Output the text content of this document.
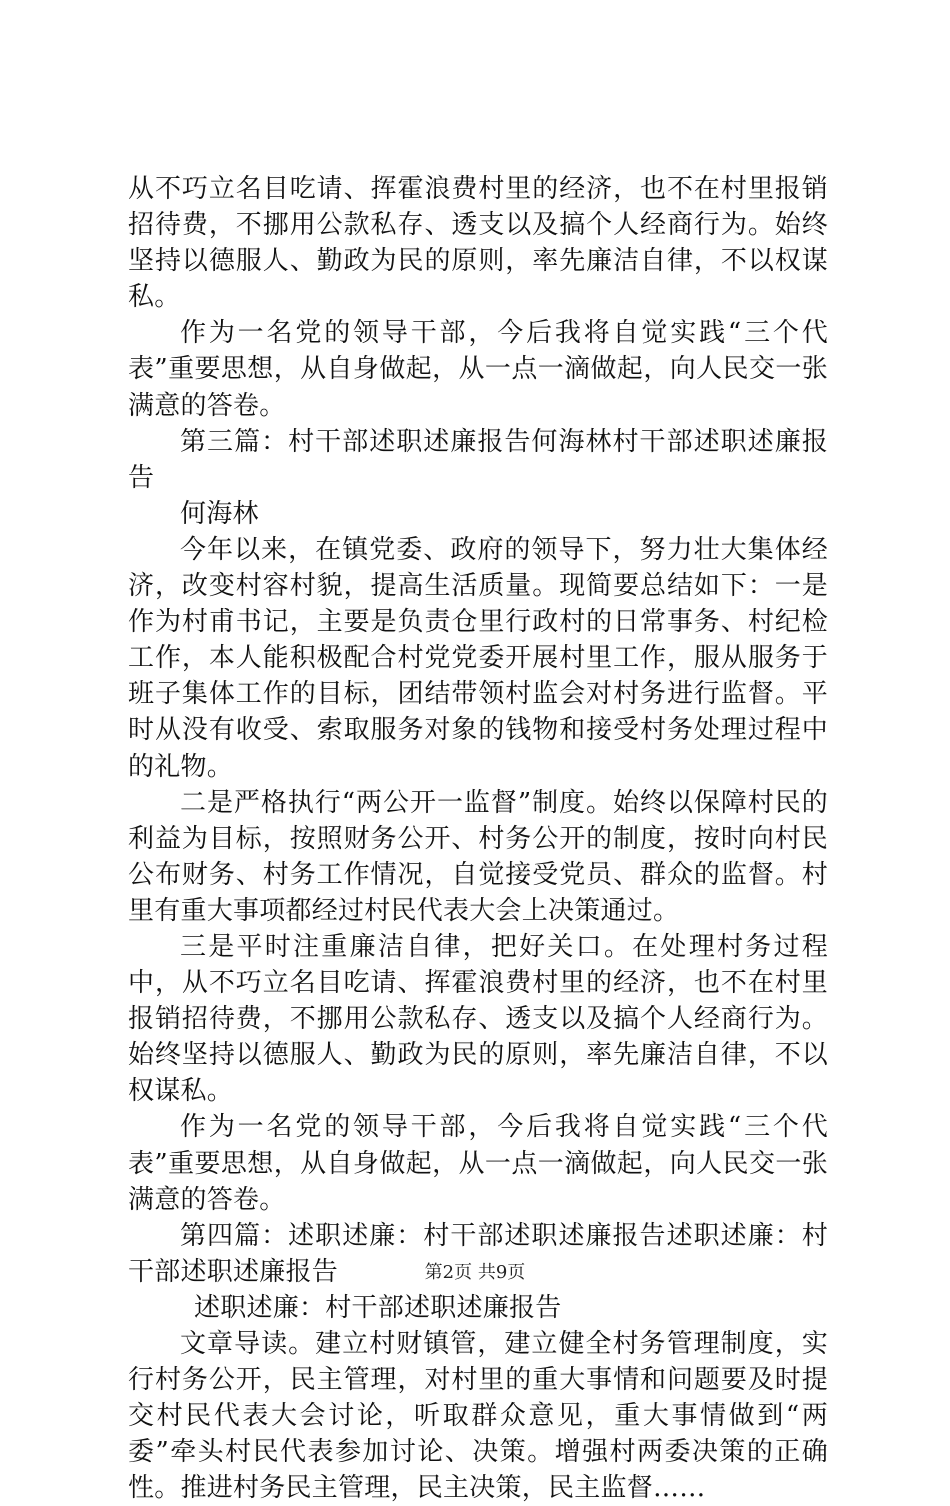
从不巧立名目吃请、挥霍浪费村里的经济，也不在村里报销招待费，不挪用公款私存、透支以及搞个人经商行为。始终坚持以德服人、勤政为民的原则，率先廉洁自律，不以权谋私。

作为一名党的领导干部，今后我将自觉实践“三个代表”重要思想，从自身做起，从一点一滴做起，向人民交一张满意的答卷。

第三篇：村干部述职述廉报告何海林村干部述职述廉报告

何海林

今年以来，在镇党委、政府的领导下，努力壮大集体经济，改变村容村貌，提高生活质量。现简要总结如下：一是作为村甫书记，主要是负责仓里行政村的日常事务、村纪检工作，本人能积极配合村党党委开展村里工作，服从服务于班子集体工作的目标，团结带领村监会对村务进行监督。平时从没有收受、索取服务对象的钱物和接受村务处理过程中的礼物。

二是严格执行“两公开一监督”制度。始终以保障村民的利益为目标，按照财务公开、村务公开的制度，按时向村民公布财务、村务工作情况，自觉接受党员、群众的监督。村里有重大事项都经过村民代表大会上决策通过。

三是平时注重廉洁自律，把好关口。在处理村务过程中，从不巧立名目吃请、挥霍浪费村里的经济，也不在村里报销招待费，不挪用公款私存、透支以及搞个人经商行为。始终坚持以德服人、勤政为民的原则，率先廉洁自律，不以权谋私。

作为一名党的领导干部，今后我将自觉实践“三个代表”重要思想，从自身做起，从一点一滴做起，向人民交一张满意的答卷。

第四篇：述职述廉：村干部述职述廉报告述职述廉：村干部述职述廉报告

述职述廉：村干部述职述廉报告

文章导读。建立村财镇管，建立健全村务管理制度，实行村务公开，民主管理，对村里的重大事情和问题要及时提交村民代表大会讨论，听取群众意见，重大事情做到“两委”牵头村民代表参加讨论、决策。增强村两委决策的正确性。推进村务民主管理，民主决策，民主监督……

第2页 共9页
